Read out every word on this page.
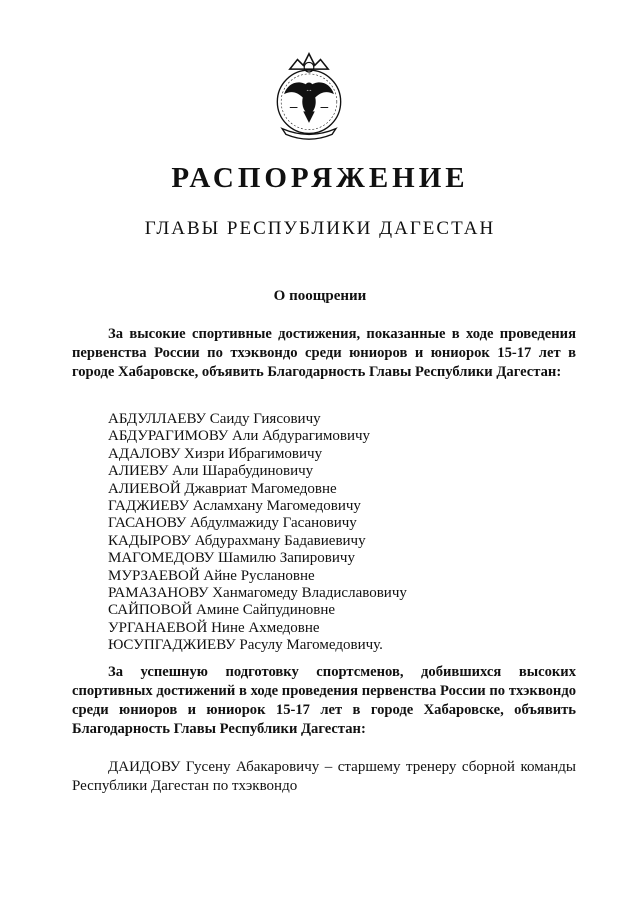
РАСПОРЯЖЕНИЕ
ГЛАВЫ РЕСПУБЛИКИ ДАГЕСТАН

О поощрении

За высокие спортивные достижения, показанные в ходе проведения первенства России по тхэквондо среди юниоров и юниорок 15-17 лет в городе Хабаровске, объявить Благодарность Главы Республики Дагестан:

АБДУЛЛАЕВУ Саиду Гиясовичу
АБДУРАГИМОВУ Али Абдурагимовичу
АДАЛОВУ Хизри Ибрагимовичу
АЛИЕВУ Али Шарабудиновичу
АЛИЕВОЙ Джавриат Магомедовне
ГАДЖИЕВУ Асламхану Магомедовичу
ГАСАНОВУ Абдулмажиду Гасановичу
КАДЫРОВУ Абдурахману Бадавиевичу
МАГОМЕДОВУ Шамилю Запировичу
МУРЗАЕВОЙ Айне Руслановне
РАМАЗАНОВУ Ханмагомеду Владиславовичу
САЙПОВОЙ Амине Сайпудиновне
УРГАНАЕВОЙ Нине Ахмедовне
ЮСУПГАДЖИЕВУ Расулу Магомедовичу.

За успешную подготовку спортсменов, добившихся высоких спортивных достижений в ходе проведения первенства России по тхэквондо среди юниоров и юниорок 15-17 лет в городе Хабаровске, объявить Благодарность Главы Республики Дагестан:

ДАИДОВУ Гусену Абакаровичу – старшему тренеру сборной команды Республики Дагестан по тхэквондо
